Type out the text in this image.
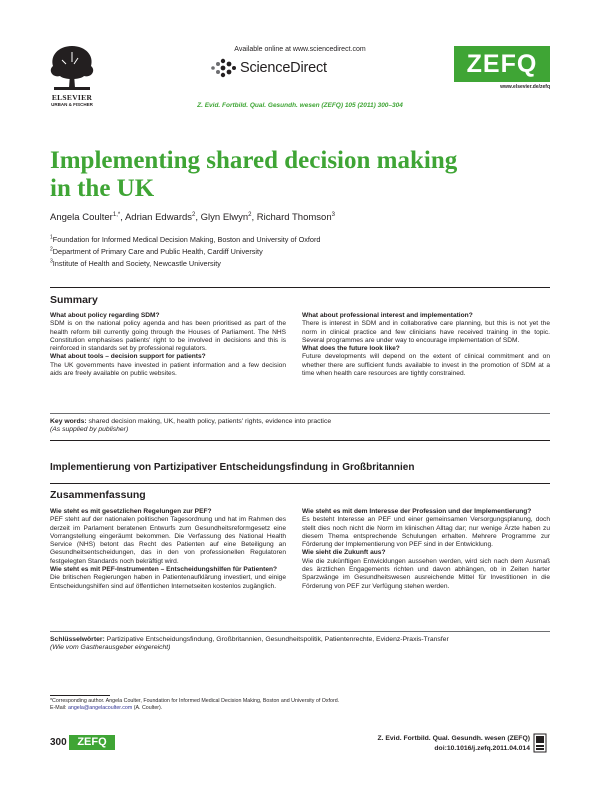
ELSEVIER
URBAN & FISCHER
Available online at www.sciencedirect.com
ScienceDirect	ZEFQ
www.elsevier.de/zefq
Z. Evid. Fortbild. Qual. Gesundh. wesen (ZEFQ) 105 (2011) 300–304
Implementing shared decision making
in the UK
Angela Coulter$^{1,*}$, Adrian Edwards$^2$, Glyn Elwyn$^2$, Richard Thomson$^3$
$^1$Foundation for Informed Medical Decision Making, Boston and University of Oxford
$^2$Department of Primary Care and Public Health, Cardiff University
$^3$Institute of Health and Society, Newcastle University
Summary
What about policy regarding SDM?
SDM is on the national policy agenda and has been prioritised as part of the health reform bill currently going through the Houses of Parliament. The NHS Constitution emphasises patients' right to be involved in decisions and this is reinforced in standards set by professional regulators.
What about tools – decision support for patients?
The UK governments have invested in patient information and a few decision aids are freely available on public websites.
What about professional interest and implementation?
There is interest in SDM and in collaborative care planning, but this is not yet the norm in clinical practice and few clinicians have received training in the topic. Several programmes are under way to encourage implementation of SDM.
What does the future look like?
Future developments will depend on the extent of clinical commitment and on whether there are sufficient funds available to invest in the promotion of SDM at a time when health care resources are tightly constrained.
Key words: shared decision making, UK, health policy, patients' rights, evidence into practice
(As supplied by publisher)
Implementierung von Partizipativer Entscheidungsfindung in Großbritannien
Zusammenfassung
Wie steht es mit gesetzlichen Regelungen zur PEF?
PEF steht auf der nationalen politischen Tagesordnung und hat im Rahmen des derzeit im Parlament beratenen Entwurfs zum Gesundheitsreformgesetz eine Vorrangstellung eingeräumt bekommen. Die Verfassung des National Health Service (NHS) betont das Recht des Patienten auf eine Beteiligung an Gesundheitsentscheidungen, das in den von professionellen Regulatoren festgelegten Standards noch bekräftigt wird.
Wie steht es mit PEF-Instrumenten – Entscheidungshilfen für Patienten?
Die britischen Regierungen haben in Patientenaufklärung investiert, und einige Entscheidungshilfen sind auf öffentlichen Internetseiten kostenlos zugänglich.
Wie steht es mit dem Interesse der Profession und der Implementierung?
Es besteht Interesse an PEF und einer gemeinsamen Versorgungsplanung, doch stellt dies noch nicht die Norm im klinischen Alltag dar; nur wenige Ärzte haben zu diesem Thema entsprechende Schulungen erhalten. Mehrere Programme zur Förderung der Implementierung von PEF sind in der Entwicklung.
Wie sieht die Zukunft aus?
Wie die zukünftigen Entwicklungen aussehen werden, wird sich nach dem Ausmaß des ärztlichen Engagements richten und davon abhängen, ob in Zeiten harter Sparzwänge im Gesundheitswesen ausreichende Mittel für Investitionen in die Förderung von PEF zur Verfügung stehen werden.
Schlüsselwörter: Partizipative Entscheidungsfindung, Großbritannien, Gesundheitspolitik, Patientenrechte, Evidenz-Praxis-Transfer
(Wie vom Gastherausgeber eingereicht)
*Corresponding author. Angela Coulter, Foundation for Informed Medical Decision Making, Boston and University of Oxford.
E-Mail: angela@angelacoulter.com (A. Coulter).
300 ZEFQ	Z. Evid. Fortbild. Qual. Gesundh. wesen (ZEFQ)
doi:10.1016/j.zefq.2011.04.014
